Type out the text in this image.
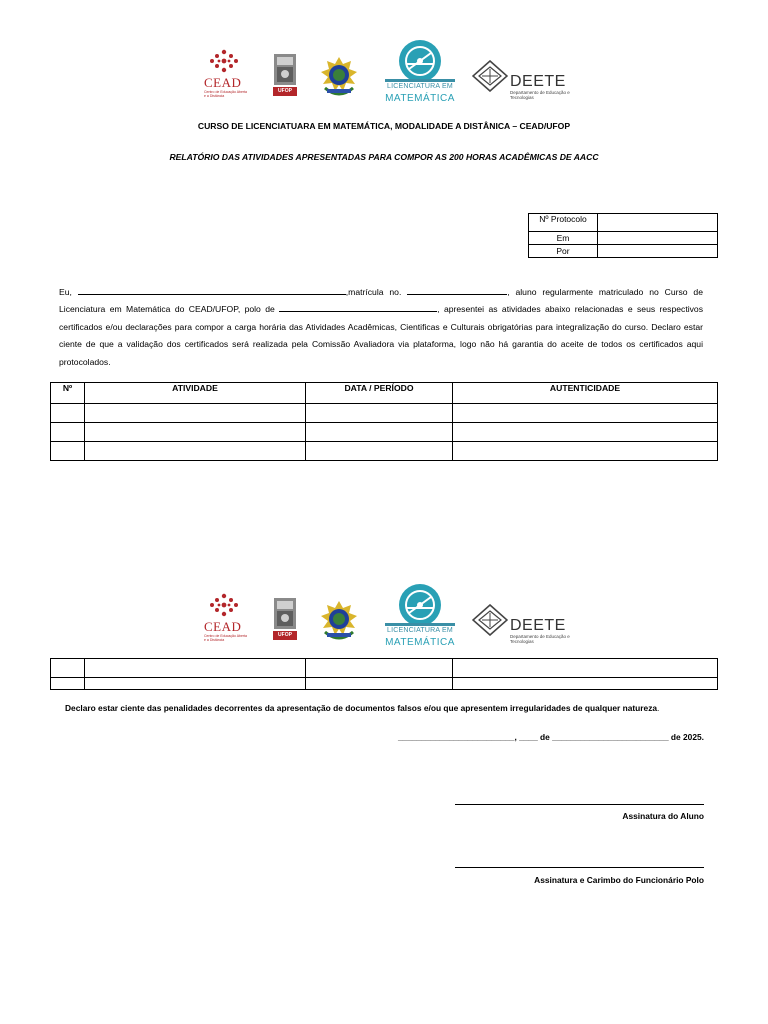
CEAD
Centro de Educação Aberta e a Distância
UFOP
LICENCIATURA EM
MATEMÁTICA
DEETE
Departamento de Educação e Tecnologias
CURSO DE LICENCIATUARA EM MATEMÁTICA, MODALIDADE A DISTÂNICA – CEAD/UFOP
RELATÓRIO DAS ATIVIDADES APRESENTADAS PARA COMPOR AS 200 HORAS ACADÊMICAS DE AACC
Nº Protocolo	
Em	
Por	
Eu,	,matrícula no.	, aluno regularmente matriculado no Curso de Licenciatura em Matemática do CEAD/UFOP, polo de	, apresentei as atividades abaixo relacionadas e seus respectivos certificados e/ou declarações para compor a carga horária das Atividades Acadêmicas, Cientificas e Culturais obrigatórias para integralização do curso. Declaro estar ciente de que a validação dos certificados será realizada pela Comissão Avaliadora via plataforma, logo não há garantia do aceite de todos os certificados aqui protocolados.
Nº	ATIVIDADE	DATA / PERÍODO	AUTENTICIDADE

CEAD
Centro de Educação Aberta e a Distância
UFOP
LICENCIATURA EM
MATEMÁTICA
DEETE
Departamento de Educação e Tecnologias

Declaro estar ciente das penalidades decorrentes da apresentação de documentos falsos e/ou que apresentem irregularidades de qualquer natureza.
_________________________, ____ de _________________________ de 2025.
Assinatura do Aluno
Assinatura e Carimbo do Funcionário Polo
